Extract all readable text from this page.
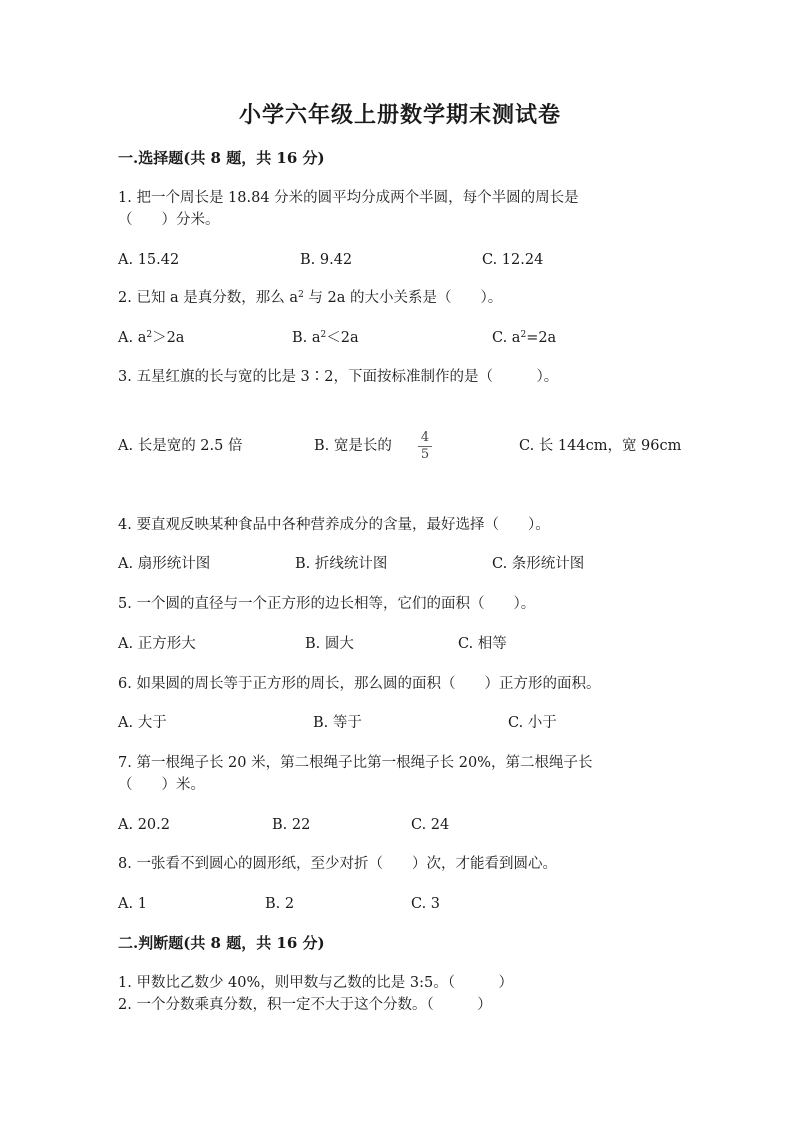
小学六年级上册数学期末测试卷
一.选择题(共 8 题，共 16 分)
1. 把一个周长是 18.84 分米的圆平均分成两个半圆，每个半圆的周长是
（　　）分米。
A. 15.42	B. 9.42	C. 12.24
2. 已知 a 是真分数，那么 $a^2$ 与 2a 的大小关系是（　　）。
A. $a^2>2a$	B. $a^2<2a$	C. $a^2=2a$
3. 五星红旗的长与宽的比是 3∶2，下面按标准制作的是（　　　）。
A. 长是宽的 2.5 倍	B. 宽是长的
4
5
C. 长 144cm，宽 96cm
4. 要直观反映某种食品中各种营养成分的含量，最好选择（　　）。
A. 扇形统计图	B. 折线统计图	C. 条形统计图
5. 一个圆的直径与一个正方形的边长相等，它们的面积（　　）。
A. 正方形大	B. 圆大	C. 相等
6. 如果圆的周长等于正方形的周长，那么圆的面积（　　）正方形的面积。
A. 大于	B. 等于	C. 小于
7. 第一根绳子长 20 米，第二根绳子比第一根绳子长 20%，第二根绳子长
（　　）米。
A. 20.2	B. 22	C. 24
8. 一张看不到圆心的圆形纸，至少对折（　　）次，才能看到圆心。
A. 1	B. 2	C. 3
二.判断题(共 8 题，共 16 分)
1. 甲数比乙数少 40%，则甲数与乙数的比是 3:5。（　　　）
2. 一个分数乘真分数，积一定不大于这个分数。（　　　）
